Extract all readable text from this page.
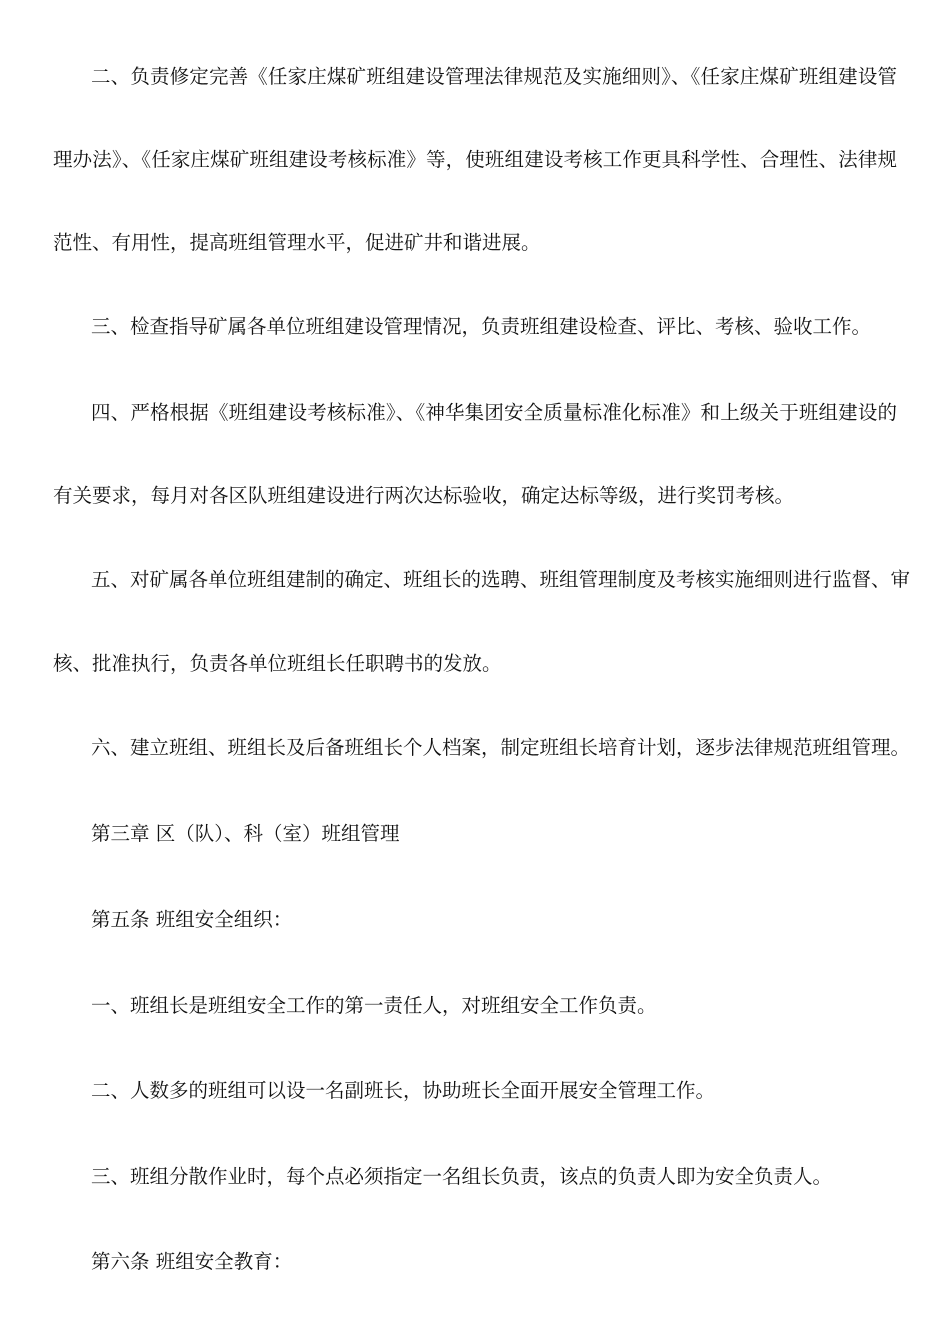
二、负责修定完善《任家庄煤矿班组建设管理法律规范及实施细则》、《任家庄煤矿班组建设管
理办法》、《任家庄煤矿班组建设考核标准》等，使班组建设考核工作更具科学性、合理性、法律规
范性、有用性，提高班组管理水平，促进矿井和谐进展。
三、检查指导矿属各单位班组建设管理情况，负责班组建设检查、评比、考核、验收工作。
四、严格根据《班组建设考核标准》、《神华集团安全质量标准化标准》和上级关于班组建设的
有关要求，每月对各区队班组建设进行两次达标验收，确定达标等级，进行奖罚考核。
五、对矿属各单位班组建制的确定、班组长的选聘、班组管理制度及考核实施细则进行监督、审
核、批准执行，负责各单位班组长任职聘书的发放。
六、建立班组、班组长及后备班组长个人档案，制定班组长培育计划，逐步法律规范班组管理。
第三章 区（队）、科（室）班组管理
第五条 班组安全组织：
一、班组长是班组安全工作的第一责任人，对班组安全工作负责。
二、人数多的班组可以设一名副班长，协助班长全面开展安全管理工作。
三、班组分散作业时，每个点必须指定一名组长负责，该点的负责人即为安全负责人。
第六条 班组安全教育：
